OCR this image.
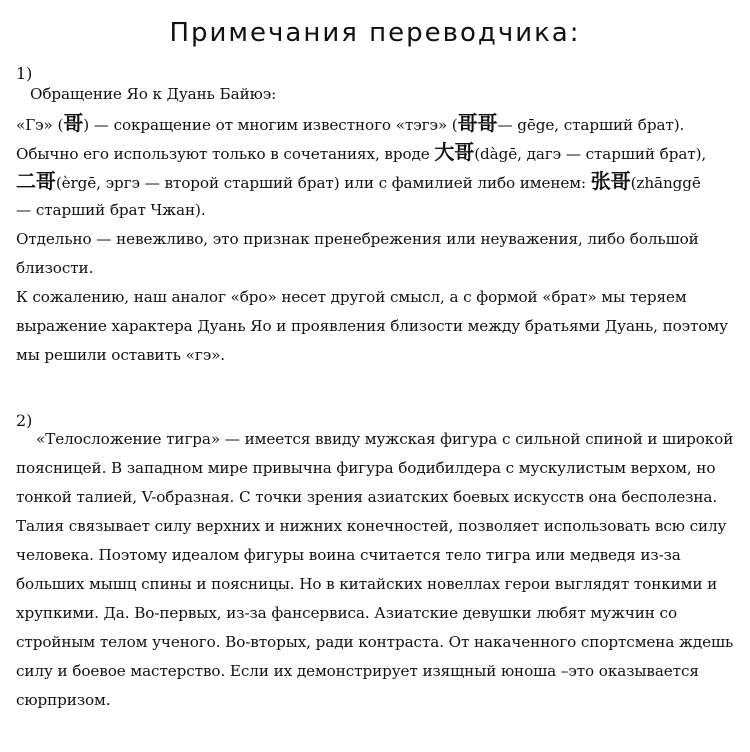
Примечания переводчика:
1)
Обращение Яо к Дуань Байюэ:
«Гэ» (哥) — сокращение от многим известного «тэгэ» (哥哥— gēge, старший брат).
Обычно его используют только в сочетаниях, вроде 大哥(dàgē, дагэ — старший брат),
二哥(èrgē, эргэ — второй старший брат) или с фамилией либо именем: 张哥(zhānggē
— старший брат Чжан).
Отдельно — невежливо, это признак пренебрежения или неуважения, либо большой
близости.
К сожалению, наш аналог «бро» несет другой смысл, а с формой «брат» мы теряем
выражение характера Дуань Яо и проявления близости между братьями Дуань, поэтому
мы решили оставить «гэ».
2)
«Телосложение тигра» — имеется ввиду мужская фигура с сильной спиной и широкой
поясницей. В западном мире привычна фигура бодибилдера с мускулистым верхом, но
тонкой талией, V-образная. С точки зрения азиатских боевых искусств она бесполезна.
Талия связывает силу верхних и нижних конечностей, позволяет использовать всю силу
человека. Поэтому идеалом фигуры воина считается тело тигра или медведя из-за
больших мышц спины и поясницы. Но в китайских новеллах герои выглядят тонкими и
хрупкими. Да. Во-первых, из-за фансервиса. Азиатские девушки любят мужчин со
стройным телом ученого. Во-вторых, ради контраста. От накаченного спортсмена ждешь
силу и боевое мастерство. Если их демонстрирует изящный юноша –это оказывается
сюрпризом.
